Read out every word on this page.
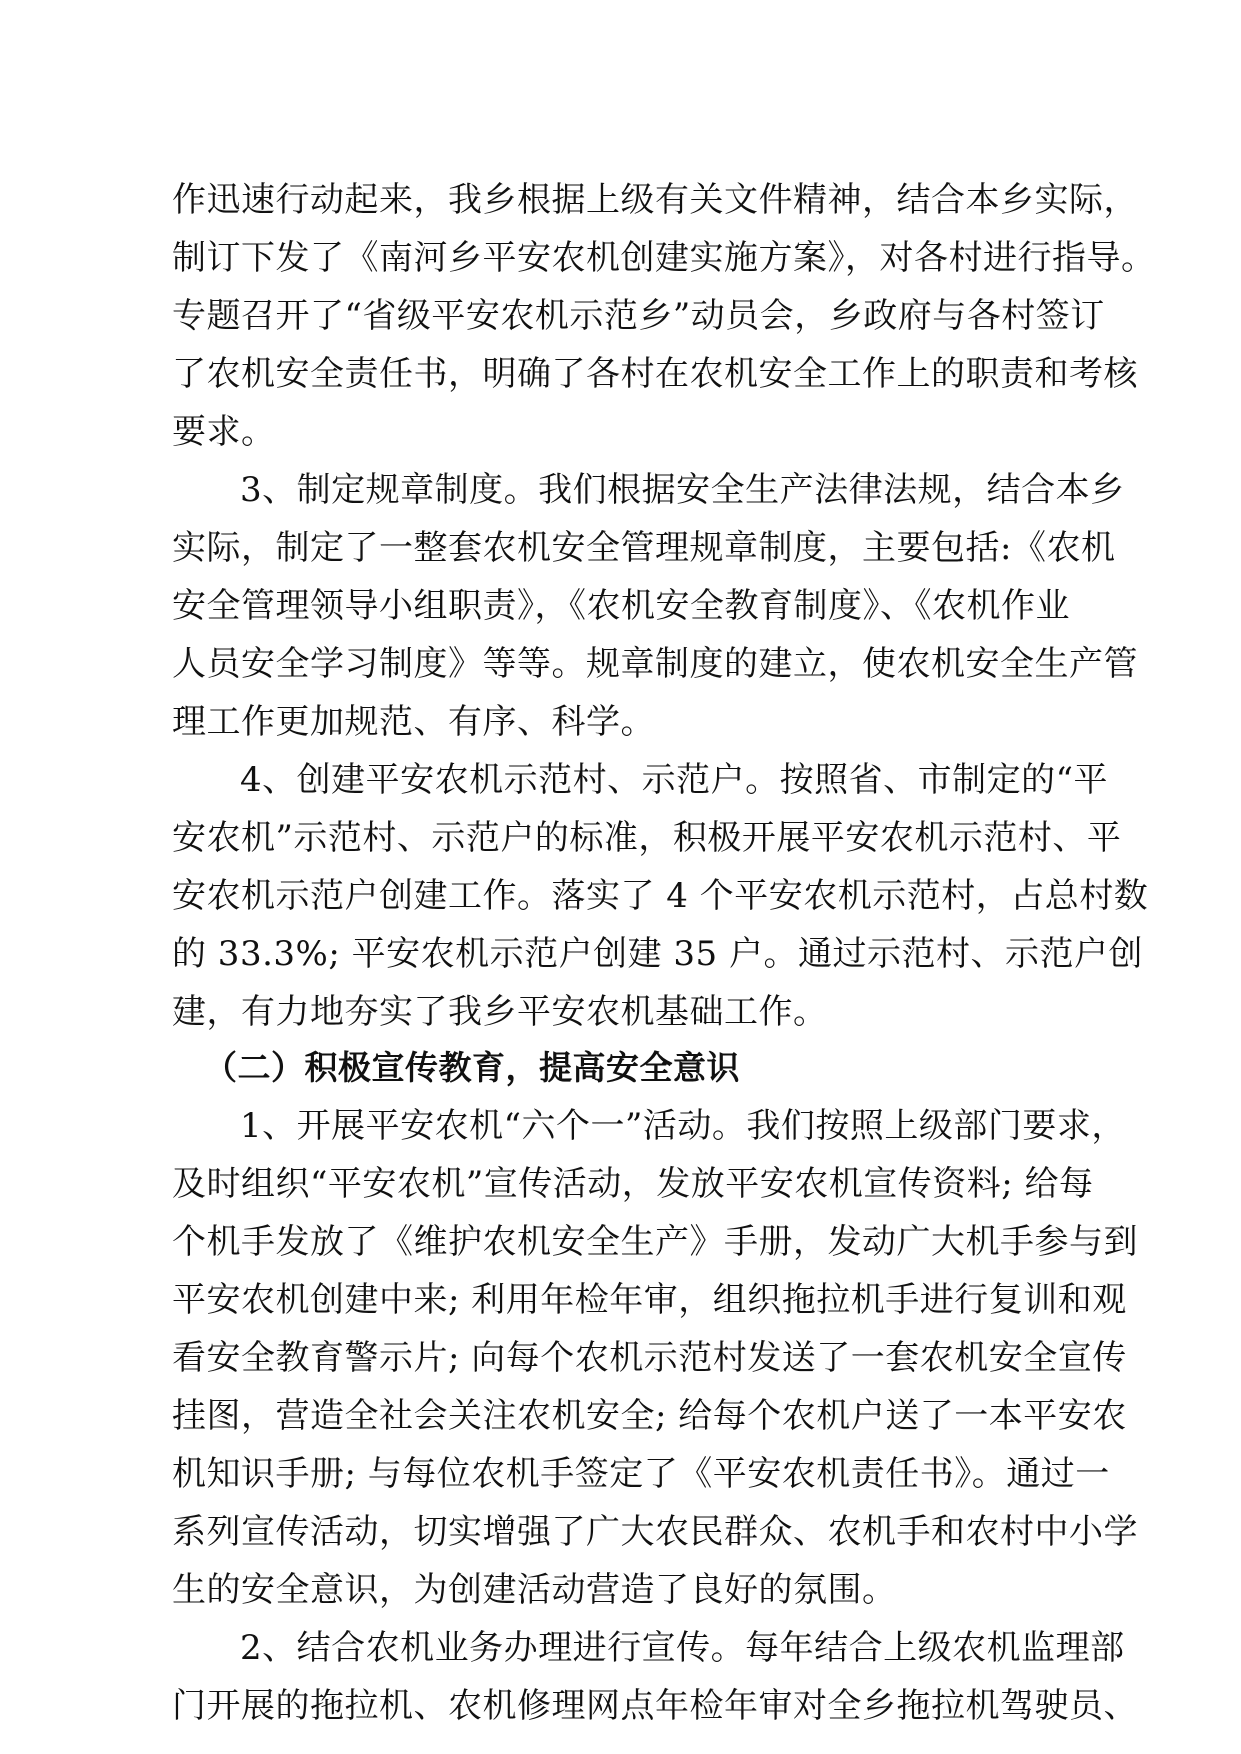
作迅速行动起来，我乡根据上级有关文件精神，结合本乡实际，
制订下发了《南河乡平安农机创建实施方案》，对各村进行指导。
专题召开了“省级平安农机示范乡”动员会，乡政府与各村签订
了农机安全责任书，明确了各村在农机安全工作上的职责和考核
要求。
3、制定规章制度。我们根据安全生产法律法规，结合本乡
实际，制定了一整套农机安全管理规章制度，主要包括:《农机
安全管理领导小组职责》，《农机安全教育制度》、《农机作业
人员安全学习制度》等等。规章制度的建立，使农机安全生产管
理工作更加规范、有序、科学。
4、创建平安农机示范村、示范户。按照省、市制定的“平
安农机”示范村、示范户的标准，积极开展平安农机示范村、平
安农机示范户创建工作。落实了 4 个平安农机示范村，占总村数
的 33.3%; 平安农机示范户创建 35 户。通过示范村、示范户创
建，有力地夯实了我乡平安农机基础工作。
（二）积极宣传教育，提高安全意识
1、开展平安农机“六个一”活动。我们按照上级部门要求，
及时组织“平安农机”宣传活动，发放平安农机宣传资料; 给每
个机手发放了《维护农机安全生产》手册，发动广大机手参与到
平安农机创建中来; 利用年检年审，组织拖拉机手进行复训和观
看安全教育警示片; 向每个农机示范村发送了一套农机安全宣传
挂图，营造全社会关注农机安全; 给每个农机户送了一本平安农
机知识手册; 与每位农机手签定了《平安农机责任书》。通过一
系列宣传活动，切实增强了广大农民群众、农机手和农村中小学
生的安全意识，为创建活动营造了良好的氛围。
2、结合农机业务办理进行宣传。每年结合上级农机监理部
门开展的拖拉机、农机修理网点年检年审对全乡拖拉机驾驶员、
